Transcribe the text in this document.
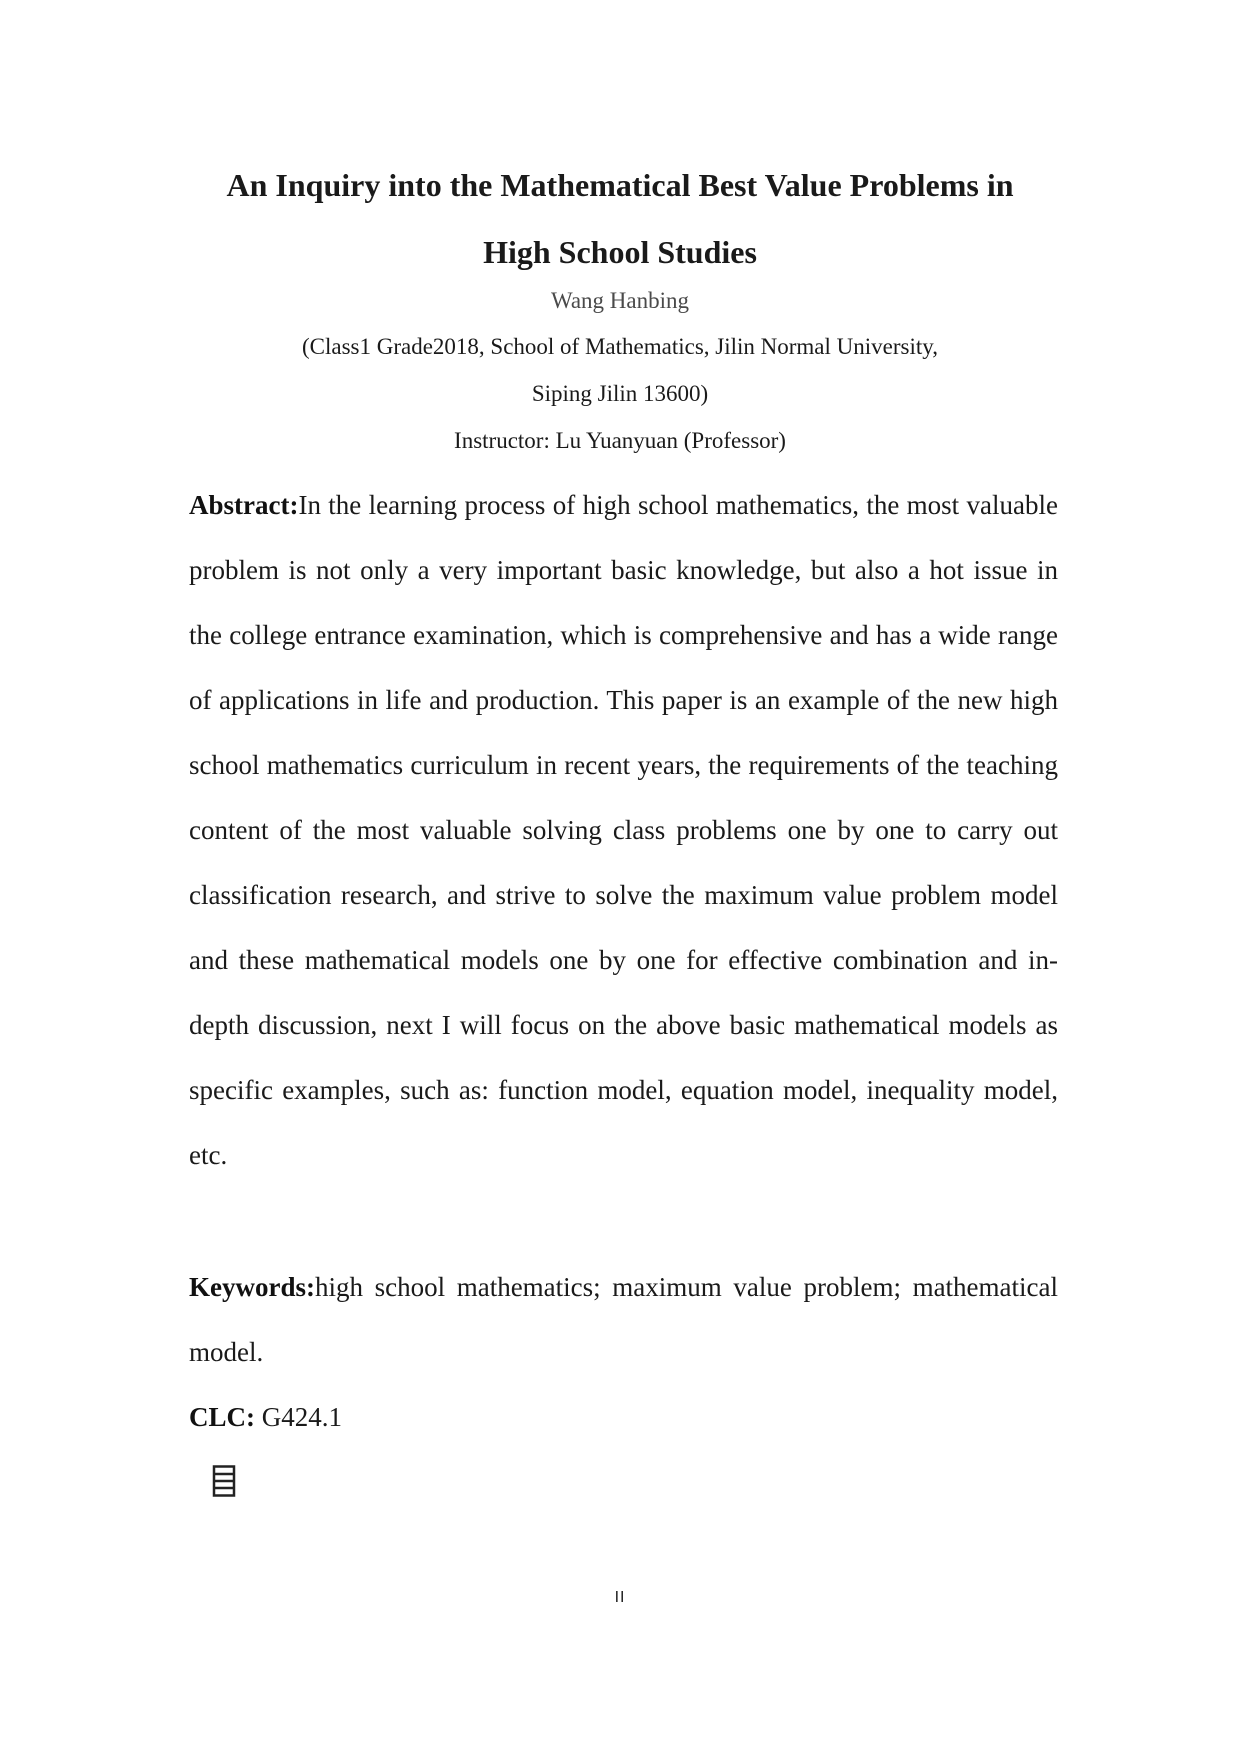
An Inquiry into the Mathematical Best Value Problems in
High School Studies
Wang Hanbing
(Class1 Grade2018, School of Mathematics, Jilin Normal University,
Siping Jilin 13600)
Instructor: Lu Yuanyuan (Professor)

Abstract:In the learning process of high school mathematics, the most valuable problem is not only a very important basic knowledge, but also a hot issue in the college entrance examination, which is comprehensive and has a wide range of applications in life and production. This paper is an example of the new high school mathematics curriculum in recent years, the requirements of the teaching content of the most valuable solving class problems one by one to carry out classification research, and strive to solve the maximum value problem model and these mathematical models one by one for effective combination and in-depth discussion, next I will focus on the above basic mathematical models as specific examples, such as: function model, equation model, inequality model, etc.

Keywords:high school mathematics; maximum value problem; mathematical model.

CLC: G424.1

II
